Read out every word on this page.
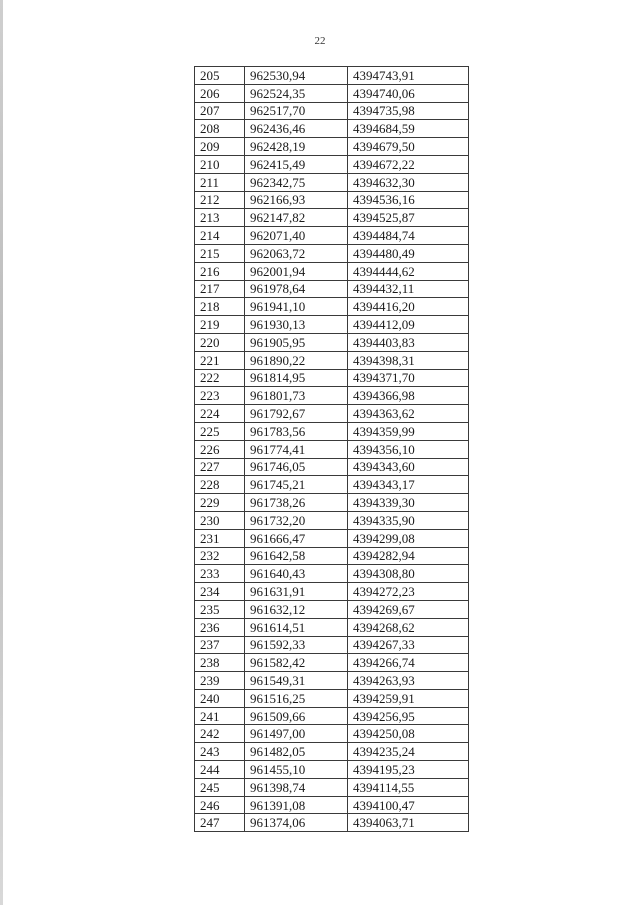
22
205	962530,94	4394743,91
206	962524,35	4394740,06
207	962517,70	4394735,98
208	962436,46	4394684,59
209	962428,19	4394679,50
210	962415,49	4394672,22
211	962342,75	4394632,30
212	962166,93	4394536,16
213	962147,82	4394525,87
214	962071,40	4394484,74
215	962063,72	4394480,49
216	962001,94	4394444,62
217	961978,64	4394432,11
218	961941,10	4394416,20
219	961930,13	4394412,09
220	961905,95	4394403,83
221	961890,22	4394398,31
222	961814,95	4394371,70
223	961801,73	4394366,98
224	961792,67	4394363,62
225	961783,56	4394359,99
226	961774,41	4394356,10
227	961746,05	4394343,60
228	961745,21	4394343,17
229	961738,26	4394339,30
230	961732,20	4394335,90
231	961666,47	4394299,08
232	961642,58	4394282,94
233	961640,43	4394308,80
234	961631,91	4394272,23
235	961632,12	4394269,67
236	961614,51	4394268,62
237	961592,33	4394267,33
238	961582,42	4394266,74
239	961549,31	4394263,93
240	961516,25	4394259,91
241	961509,66	4394256,95
242	961497,00	4394250,08
243	961482,05	4394235,24
244	961455,10	4394195,23
245	961398,74	4394114,55
246	961391,08	4394100,47
247	961374,06	4394063,71
